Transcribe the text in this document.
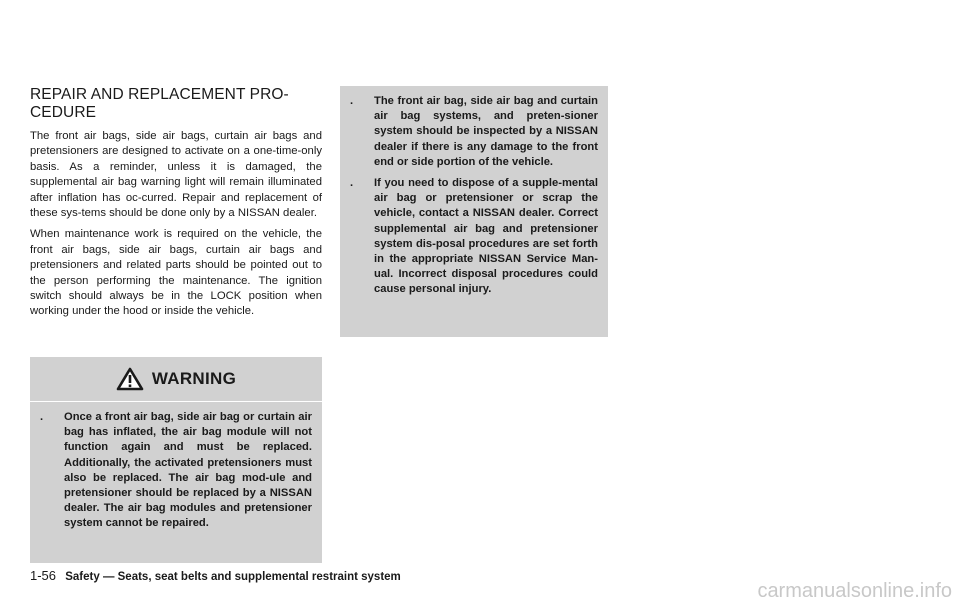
REPAIR AND REPLACEMENT PRO-
CEDURE

The front air bags, side air bags, curtain air bags and pretensioners are designed to activate on a one-time-only basis. As a reminder, unless it is damaged, the supplemental air bag warning light will remain illuminated after inflation has oc-curred. Repair and replacement of these sys-tems should be done only by a NISSAN dealer.

When maintenance work is required on the vehicle, the front air bags, side air bags, curtain air bags and pretensioners and related parts should be pointed out to the person performing the maintenance. The ignition switch should always be in the LOCK position when working under the hood or inside the vehicle.

WARNING
. Once a front air bag, side air bag or curtain air bag has inflated, the air bag module will not function again and must be replaced. Additionally, the activated pretensioners must also be replaced. The air bag mod-ule and pretensioner should be replaced by a NISSAN dealer. The air bag modules and pretensioner system cannot be repaired.
. The front air bag, side air bag and curtain air bag systems, and preten-sioner system should be inspected by a NISSAN dealer if there is any damage to the front end or side portion of the vehicle.
. If you need to dispose of a supple-mental air bag or pretensioner or scrap the vehicle, contact a NISSAN dealer. Correct supplemental air bag and pretensioner system dis-posal procedures are set forth in the appropriate NISSAN Service Man-ual. Incorrect disposal procedures could cause personal injury.
1-56 Safety — Seats, seat belts and supplemental restraint system
carmanualsonline.info
